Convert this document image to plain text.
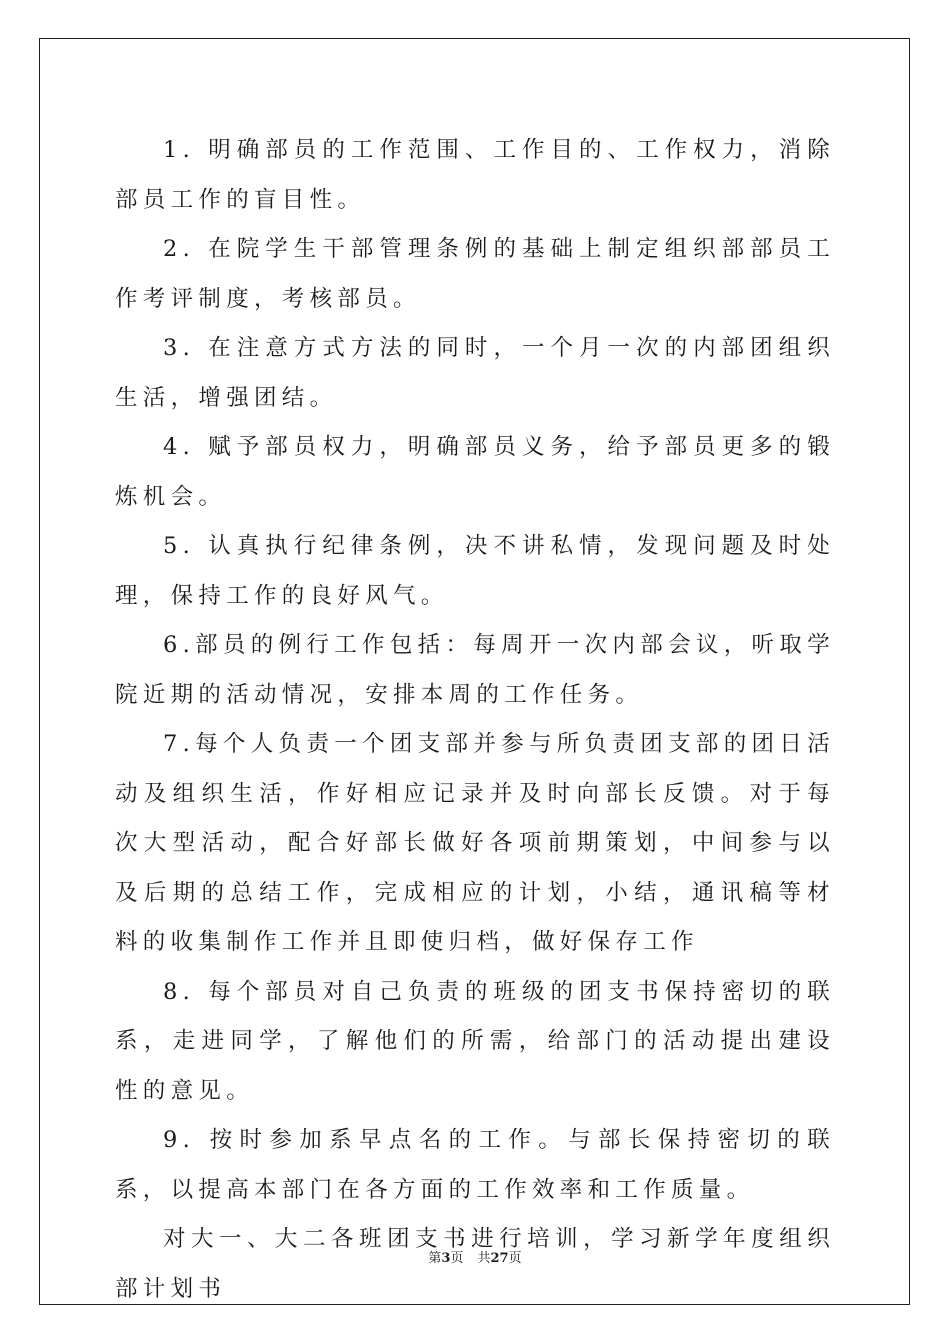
1. 明确部员的工作范围、工作目的、工作权力，消除部员工作的盲目性。

2. 在院学生干部管理条例的基础上制定组织部部员工作考评制度，考核部员。

3. 在注意方式方法的同时，一个月一次的内部团组织生活，增强团结。

4. 赋予部员权力，明确部员义务，给予部员更多的锻炼机会。

5. 认真执行纪律条例，决不讲私情，发现问题及时处理，保持工作的良好风气。

6.部员的例行工作包括：每周开一次内部会议，听取学院近期的活动情况，安排本周的工作任务。

7.每个人负责一个团支部并参与所负责团支部的团日活动及组织生活，作好相应记录并及时向部长反馈。对于每次大型活动，配合好部长做好各项前期策划，中间参与以及后期的总结工作，完成相应的计划，小结，通讯稿等材料的收集制作工作并且即使归档，做好保存工作

8. 每个部员对自己负责的班级的团支书保持密切的联系，走进同学，了解他们的所需，给部门的活动提出建设性的意见。

9. 按时参加系早点名的工作。与部长保持密切的联系，以提高本部门在各方面的工作效率和工作质量。

对大一、大二各班团支书进行培训，学习新学年度组织部计划书

第3页 共27页
